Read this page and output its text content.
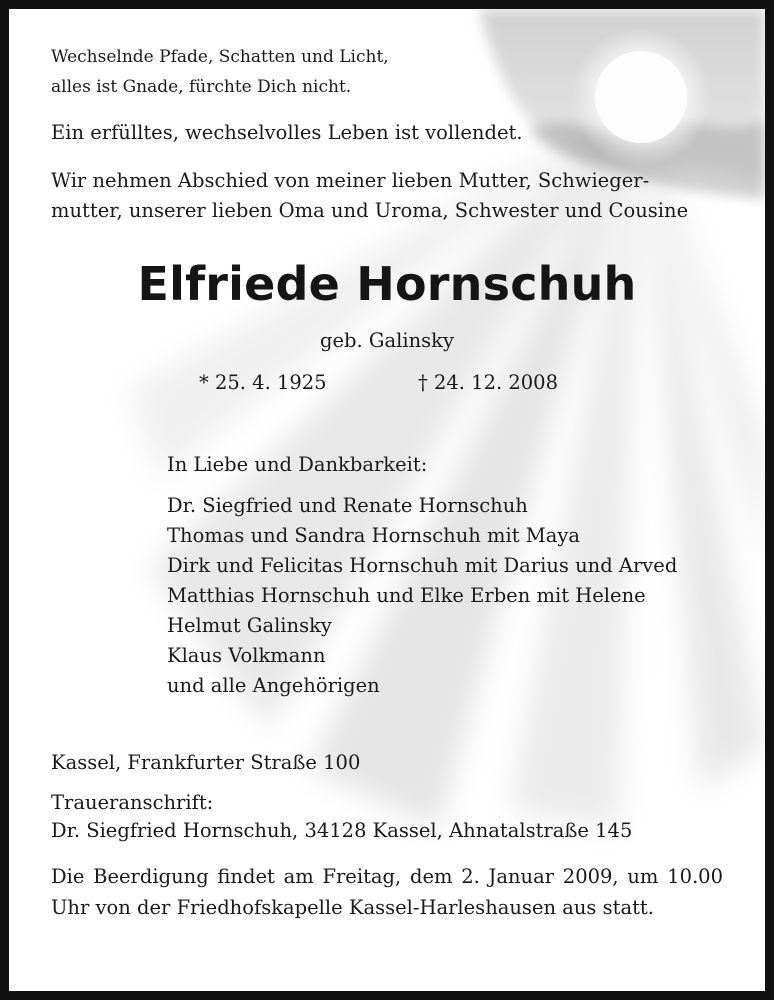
Wechselnde Pfade, Schatten und Licht,

alles ist Gnade, fürchte Dich nicht.

Ein erfülltes, wechselvolles Leben ist vollendet.

Wir nehmen Abschied von meiner lieben Mutter, Schwieger-

mutter, unserer lieben Oma und Uroma, Schwester und Cousine

Elfriede Hornschuh

geb. Galinsky

* 25. 4. 1925	† 24. 12. 2008

In Liebe und Dankbarkeit:

Dr. Siegfried und Renate Hornschuh
Thomas und Sandra Hornschuh mit Maya
Dirk und Felicitas Hornschuh mit Darius und Arved
Matthias Hornschuh und Elke Erben mit Helene
Helmut Galinsky
Klaus Volkmann
und alle Angehörigen

Kassel, Frankfurter Straße 100

Traueranschrift:

Dr. Siegfried Hornschuh, 34128 Kassel, Ahnatalstraße 145

Die Beerdigung findet am Freitag, dem 2. Januar 2009, um 10.00 Uhr von der Friedhofskapelle Kassel-Harleshausen aus statt.
